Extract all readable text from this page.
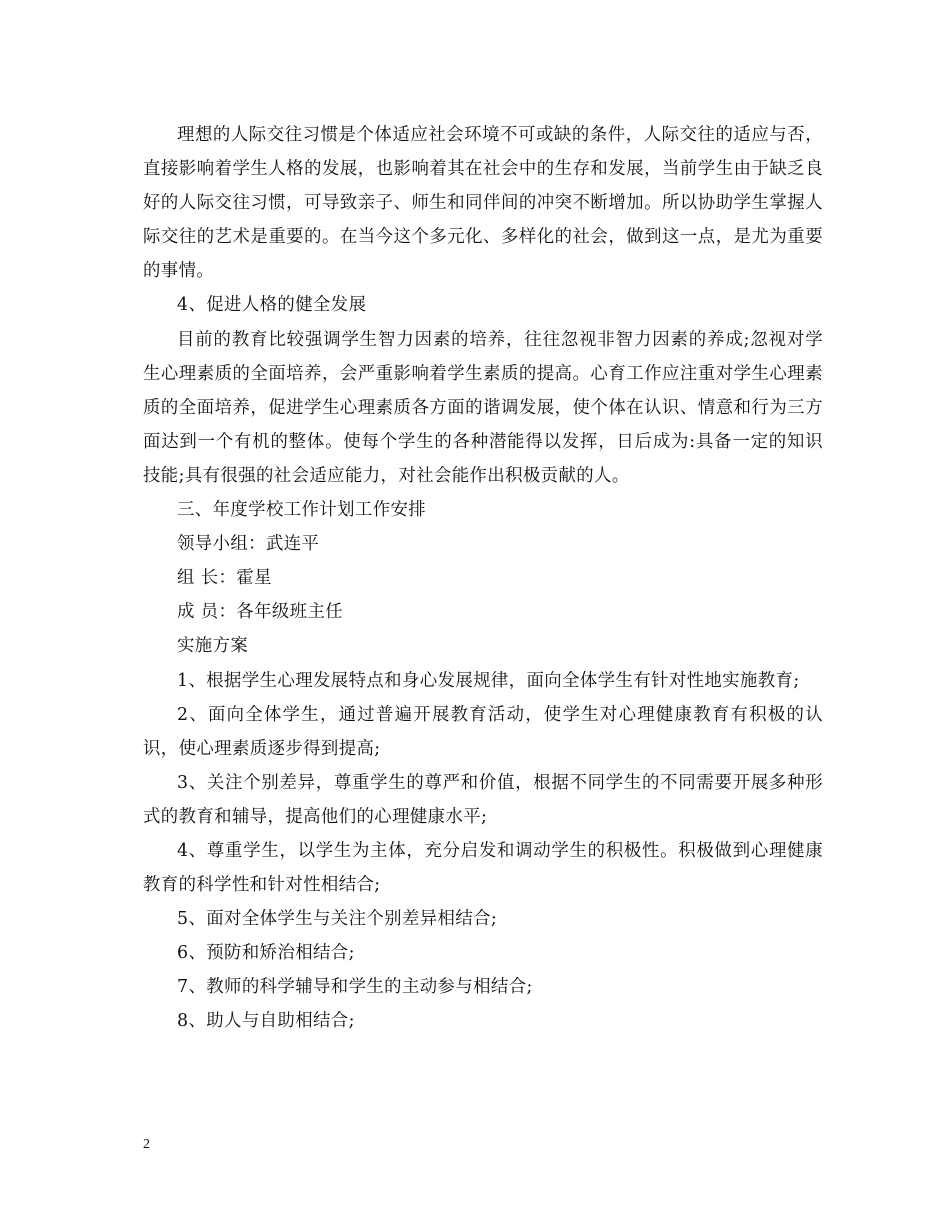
理想的人际交往习惯是个体适应社会环境不可或缺的条件，人际交往的适应与否，直接影响着学生人格的发展，也影响着其在社会中的生存和发展，当前学生由于缺乏良好的人际交往习惯，可导致亲子、师生和同伴间的冲突不断增加。所以协助学生掌握人际交往的艺术是重要的。在当今这个多元化、多样化的社会，做到这一点，是尤为重要的事情。

4、促进人格的健全发展

目前的教育比较强调学生智力因素的培养，往往忽视非智力因素的养成;忽视对学生心理素质的全面培养，会严重影响着学生素质的提高。心育工作应注重对学生心理素质的全面培养，促进学生心理素质各方面的谐调发展，使个体在认识、情意和行为三方面达到一个有机的整体。使每个学生的各种潜能得以发挥，日后成为:具备一定的知识技能;具有很强的社会适应能力，对社会能作出积极贡献的人。

三、年度学校工作计划工作安排

领导小组：武连平

组 长：霍星

成 员：各年级班主任

实施方案

1、根据学生心理发展特点和身心发展规律，面向全体学生有针对性地实施教育;

2、面向全体学生，通过普遍开展教育活动，使学生对心理健康教育有积极的认识，使心理素质逐步得到提高;

3、关注个别差异，尊重学生的尊严和价值，根据不同学生的不同需要开展多种形式的教育和辅导，提高他们的心理健康水平;

4、尊重学生，以学生为主体，充分启发和调动学生的积极性。积极做到心理健康教育的科学性和针对性相结合;

5、面对全体学生与关注个别差异相结合;

6、预防和矫治相结合;

7、教师的科学辅导和学生的主动参与相结合;

8、助人与自助相结合;

2
